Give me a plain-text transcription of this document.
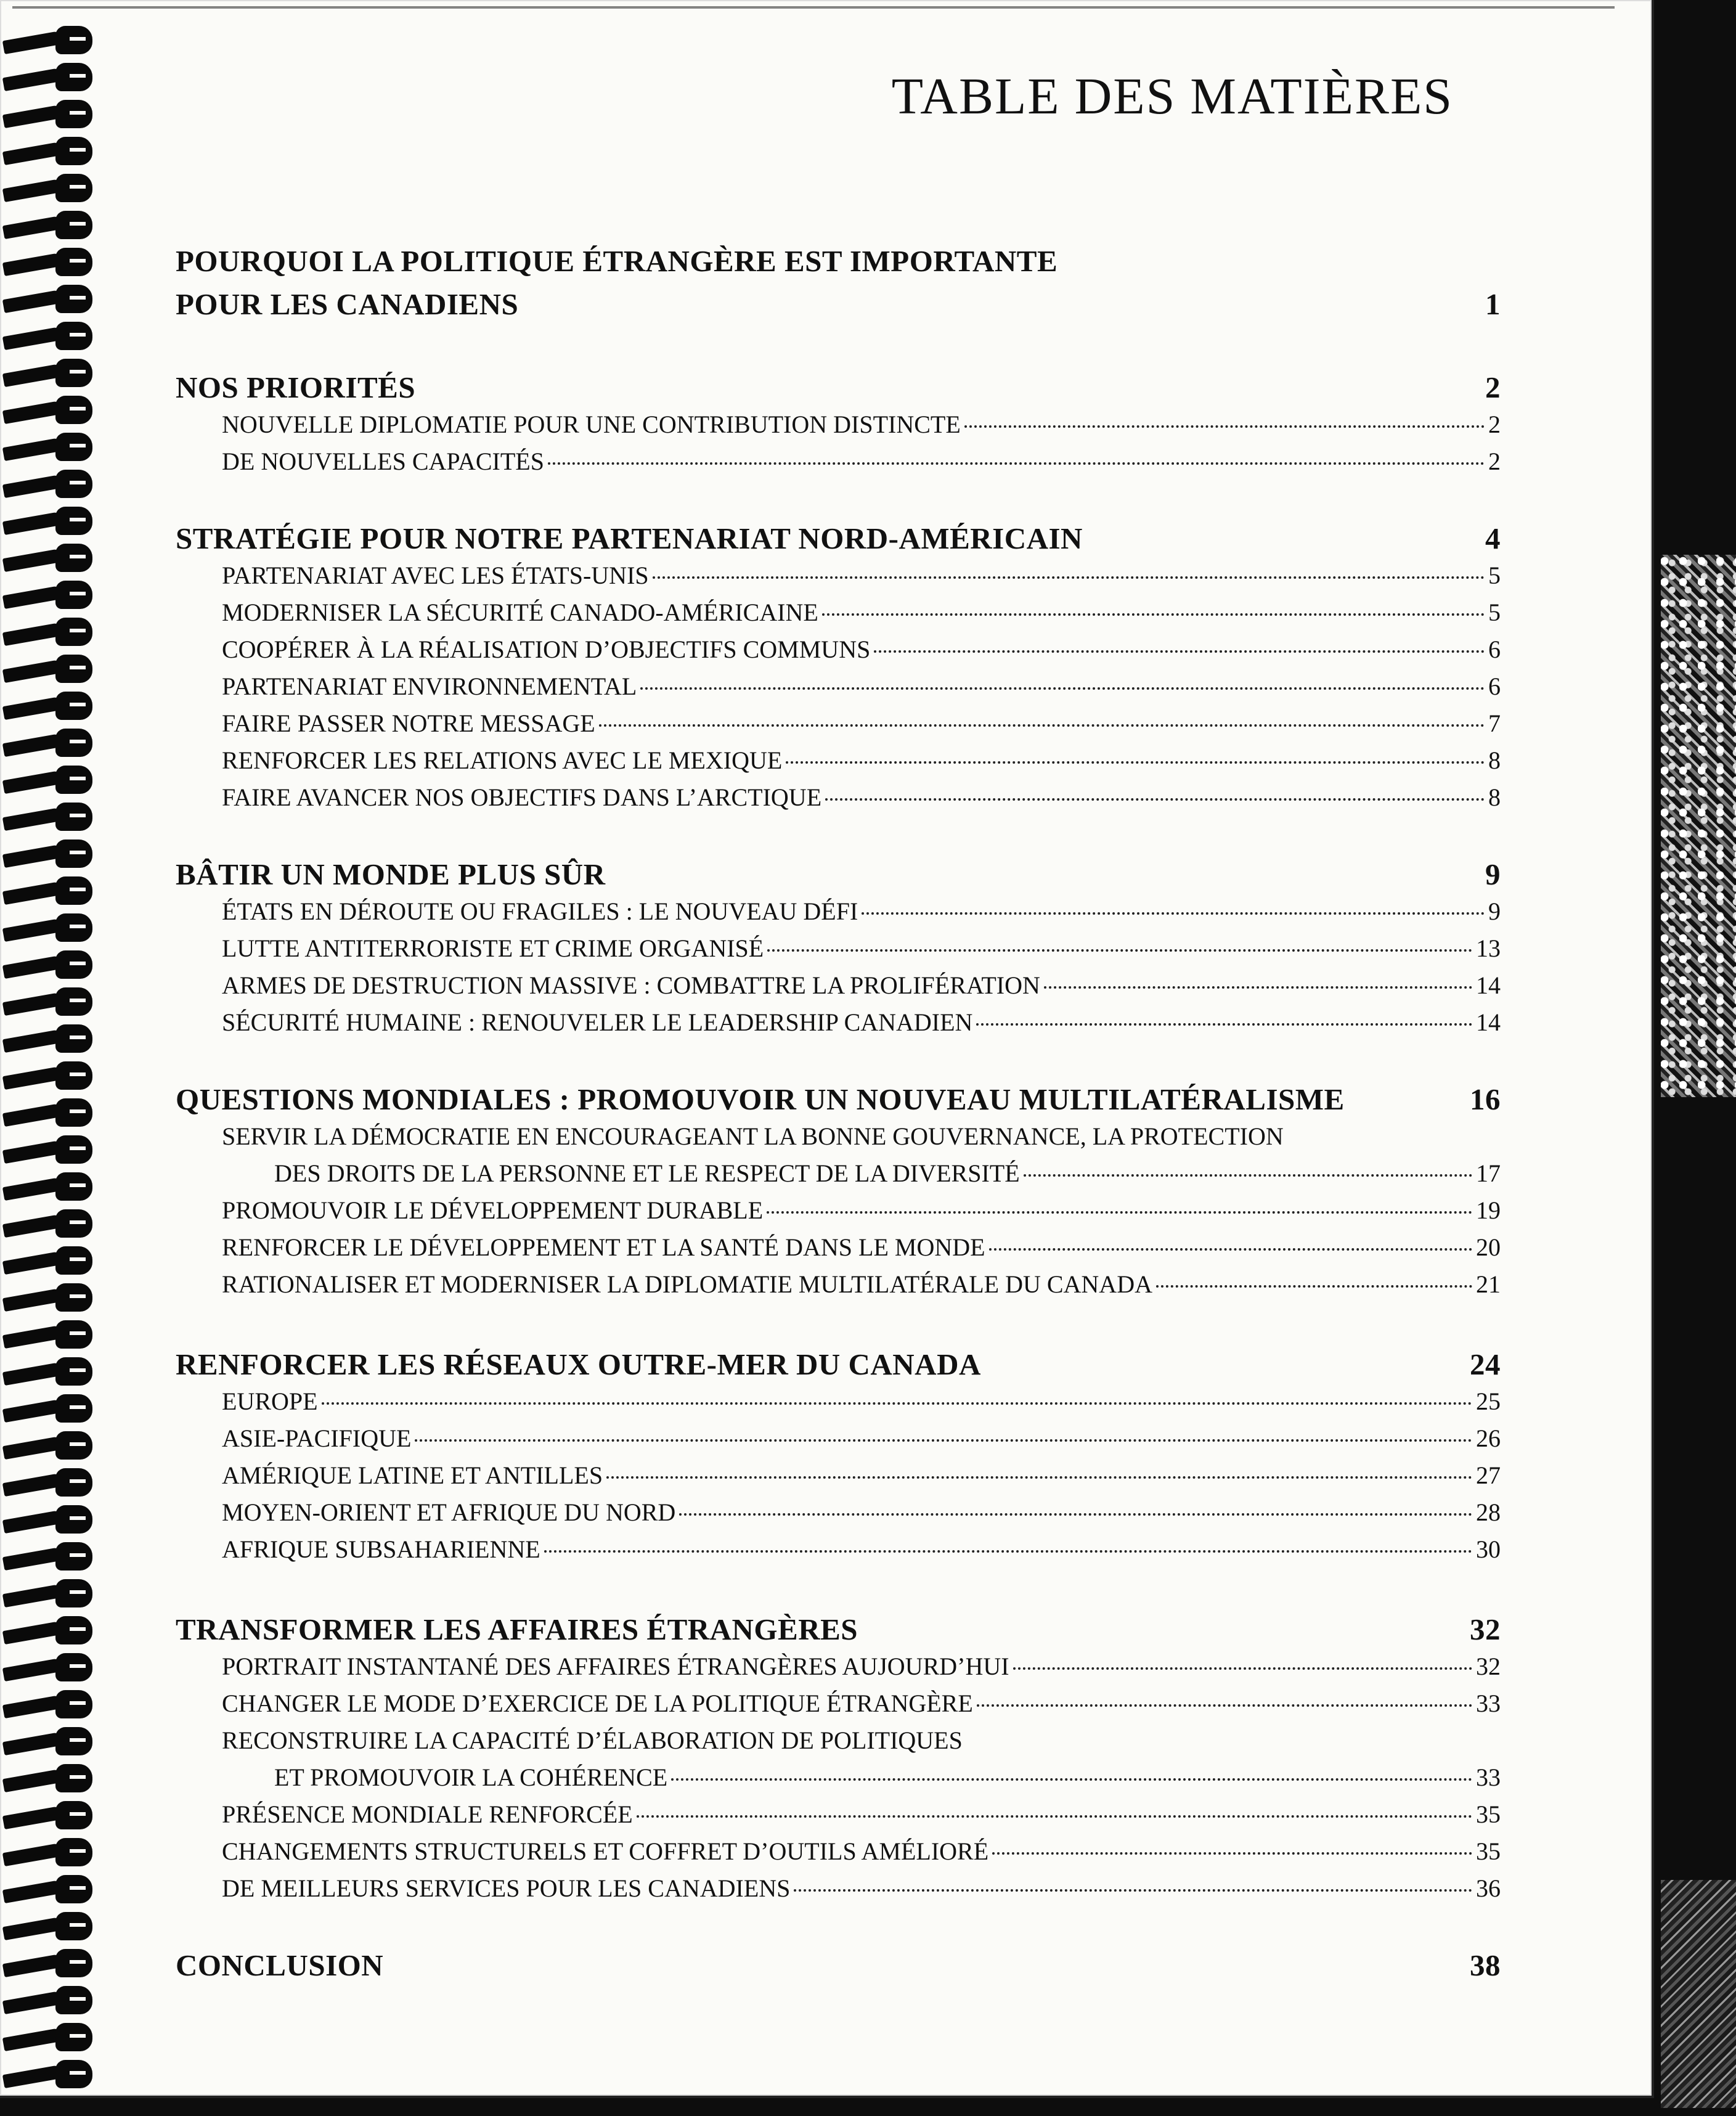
TABLE DES MATIÈRES
POURQUOI LA POLITIQUE ÉTRANGÈRE EST IMPORTANTE
POUR LES CANADIENS	1
NOS PRIORITÉS	2
NOUVELLE DIPLOMATIE POUR UNE CONTRIBUTION DISTINCTE	2
DE NOUVELLES CAPACITÉS	2
STRATÉGIE POUR NOTRE PARTENARIAT NORD-AMÉRICAIN	4
PARTENARIAT AVEC LES ÉTATS-UNIS	5
MODERNISER LA SÉCURITÉ CANADO-AMÉRICAINE	5
COOPÉRER À LA RÉALISATION D’OBJECTIFS COMMUNS	6
PARTENARIAT ENVIRONNEMENTAL	6
FAIRE PASSER NOTRE MESSAGE	7
RENFORCER LES RELATIONS AVEC LE MEXIQUE	8
FAIRE AVANCER NOS OBJECTIFS DANS L’ARCTIQUE	8
BÂTIR UN MONDE PLUS SÛR	9
ÉTATS EN DÉROUTE OU FRAGILES : LE NOUVEAU DÉFI	9
LUTTE ANTITERRORISTE ET CRIME ORGANISÉ	13
ARMES DE DESTRUCTION MASSIVE : COMBATTRE LA PROLIFÉRATION	14
SÉCURITÉ HUMAINE : RENOUVELER LE LEADERSHIP CANADIEN	14
QUESTIONS MONDIALES : PROMOUVOIR UN NOUVEAU MULTILATÉRALISME	16
SERVIR LA DÉMOCRATIE EN ENCOURAGEANT LA BONNE GOUVERNANCE, LA PROTECTION
DES DROITS DE LA PERSONNE ET LE RESPECT DE LA DIVERSITÉ	17
PROMOUVOIR LE DÉVELOPPEMENT DURABLE	19
RENFORCER LE DÉVELOPPEMENT ET LA SANTÉ DANS LE MONDE	20
RATIONALISER ET MODERNISER LA DIPLOMATIE MULTILATÉRALE DU CANADA	21
RENFORCER LES RÉSEAUX OUTRE-MER DU CANADA	24
EUROPE	25
ASIE-PACIFIQUE	26
AMÉRIQUE LATINE ET ANTILLES	27
MOYEN-ORIENT ET AFRIQUE DU NORD	28
AFRIQUE SUBSAHARIENNE	30
TRANSFORMER LES AFFAIRES ÉTRANGÈRES	32
PORTRAIT INSTANTANÉ DES AFFAIRES ÉTRANGÈRES AUJOURD’HUI	32
CHANGER LE MODE D’EXERCICE DE LA POLITIQUE ÉTRANGÈRE	33
RECONSTRUIRE LA CAPACITÉ D’ÉLABORATION DE POLITIQUES
ET PROMOUVOIR LA COHÉRENCE	33
PRÉSENCE MONDIALE RENFORCÉE	35
CHANGEMENTS STRUCTURELS ET COFFRET D’OUTILS AMÉLIORÉ	35
DE MEILLEURS SERVICES POUR LES CANADIENS	36
CONCLUSION	38
